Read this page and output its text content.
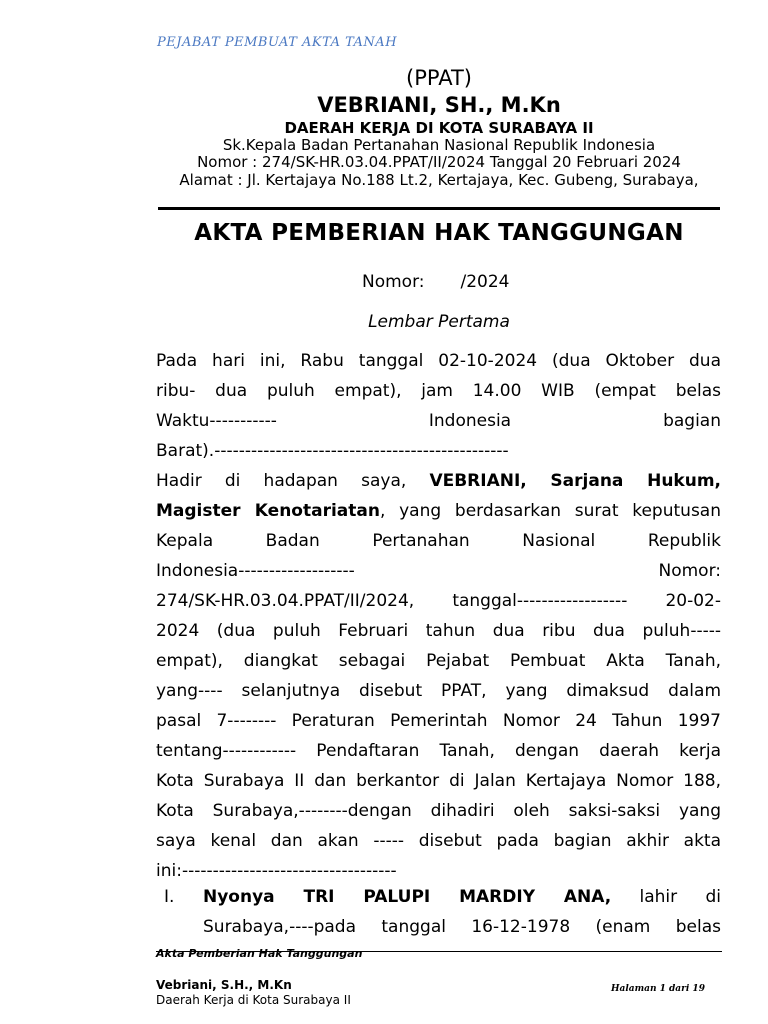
PEJABAT PEMBUAT AKTA TANAH
(PPAT)
VEBRIANI, SH., M.Kn
DAERAH KERJA DI KOTA SURABAYA II
Sk.Kepala Badan Pertanahan Nasional Republik Indonesia
Nomor : 274/SK-HR.03.04.PPAT/II/2024 Tanggal 20 Februari 2024
Alamat : Jl. Kertajaya No.188 Lt.2, Kertajaya, Kec. Gubeng, Surabaya,
AKTA PEMBERIAN HAK TANGGUNGAN
Nomor: /2024
Lembar Pertama
Pada hari ini, Rabu tanggal 02-10-2024 (dua Oktober dua
ribu- dua puluh empat), jam 14.00 WIB (empat belas
Waktu----------- Indonesia bagian
Barat).------------------------------------------------
Hadir di hadapan saya, VEBRIANI, Sarjana Hukum,
Magister Kenotariatan, yang berdasarkan surat keputusan
Kepala Badan Pertanahan Nasional Republik
Indonesia------------------- Nomor:
274/SK-HR.03.04.PPAT/II/2024, tanggal------------------ 20-02-
2024 (dua puluh Februari tahun dua ribu dua puluh-----
empat), diangkat sebagai Pejabat Pembuat Akta Tanah,
yang---- selanjutnya disebut PPAT, yang dimaksud dalam
pasal 7-------- Peraturan Pemerintah Nomor 24 Tahun 1997
tentang------------ Pendaftaran Tanah, dengan daerah kerja
Kota Surabaya II dan berkantor di Jalan Kertajaya Nomor 188,
Kota Surabaya,--------dengan dihadiri oleh saksi-saksi yang
saya kenal dan akan ----- disebut pada bagian akhir akta
ini:-----------------------------------
I. Nyonya TRI PALUPI MARDIY ANA, lahir di
Surabaya,----pada tanggal 16-12-1978 (enam belas
Akta Pemberian Hak Tanggungan
Vebriani, S.H., M.Kn
Daerah Kerja di Kota Surabaya II
Halaman 1 dari 19
